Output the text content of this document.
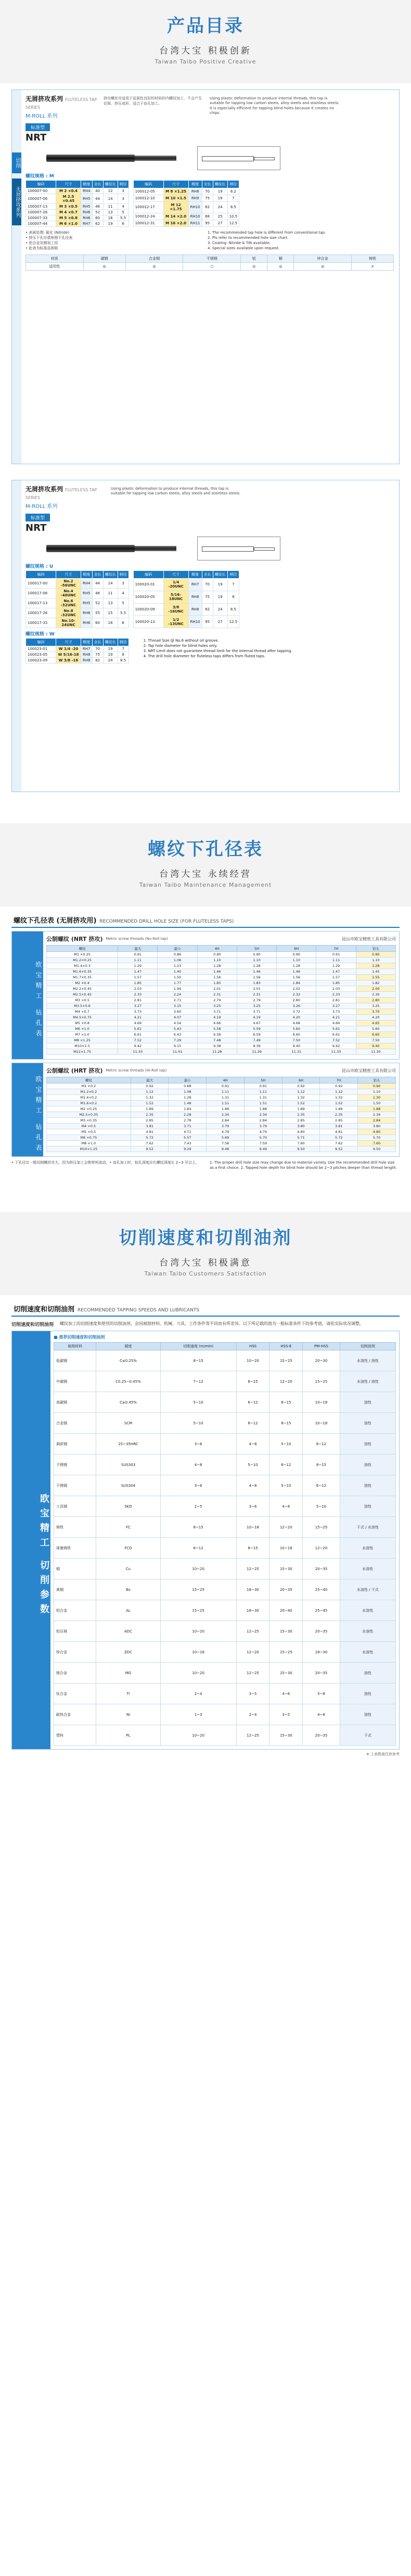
产品目录
台湾大宝 积极创新
Taiwan Taibo Positive Creative
切削
无屑挤攻系列
无屑挤攻系列 FLUTELESS TAP SERIES
M-ROLL 系列
挤攻螺丝攻适用于延展性良好的材料的内螺纹加工，不会产生切屑，挤压成形，适合于盲孔加工。
Using plastic deformation to produce internal threads, this tap is suitable for tapping low carbon steels, alloy steels and stainless steels. It is especially efficient for tapping blind holes because it creates no chips.
标准型
NRT
螺纹规格 : M
编码	尺寸	精度	全长	螺纹长	柄径
100007-00	M 2 ×0.4	RH4	40	12	3
100007-06	M 2.5 ×0.45	RH5	44	14	3
100007-13	M 3 ×0.5	RH5	46	11	4
100007-26	M 4 ×0.7	RH6	52	13	5
100007-33	M 5 ×0.8	RH6	60	16	5.5
100007-44	M 6 ×1.0	RH7	62	19	6
编码	尺寸	精度	全长	螺纹长	柄径
100012-05	M 8 ×1.25	RH8	70	19	6.2
100012-10	M 10 ×1.5	RH9	75	19	7
100012-17	M 12 ×1.75	RH10	82	24	8.5
100012-24	M 14 ×2.0	RH10	88	25	10.5
100012-31	M 16 ×2.0	RH11	95	27	12.5
• 表面处理: 氮化 (Nitride)
• 挤压下孔径请参照下孔径表
• 铝合金及铜加工用
• 此表为标准品规格
1. The recommended tap hole is different from conventional tap.
2. Pls refer to recommended hole size chart.
3. Coating: Nitride & TiN available.
4. Special sizes available upon request.
材质	碳钢	合金钢	不锈钢	铝	铜	锌合金	铸铁
适用性	◎	◎	○	◎	◎	◎	×
无屑挤攻系列 FLUTELESS TAP SERIES
M-ROLL 系列
Using plastic deformation to produce internal threads, this tap is suitable for tapping low carbon steels, alloy steels and stainless steels.
标准型
NRT
螺纹规格 : U
编码	尺寸	精度	全长	螺纹长	柄径
100017-00	No.2 -56UNC	RH4	44	14	3
100017-06	No.4 -40UNC	RH5	46	11	4
100017-13	No.6 -32UNC	RH5	52	13	5
100017-26	No.8 -32UNC	RH6	55	15	5.5
100017-33	No.10-24UNC	RH6	60	16	6
编码	尺寸	精度	全长	螺纹长	柄径
100020-01	1/4 -20UNC	RH7	70	19	7
100020-05	5/16-18UNC	RH8	75	19	8
100020-09	3/8 -16UNC	RH8	82	24	8.5
100020-13	1/2 -13UNC	RH10	95	27	12.5
螺纹规格 : W
编码	尺寸	精度	全长	螺纹长	柄径
100023-01	W 1/4 -20	RH7	70	19	7
100023-05	W 5/16-18	RH8	75	19	8
100023-09	W 3/8 -16	RH8	82	24	8.5
1. Thread Size @ No.6 without oil groove.
2. Tap hole diameter for blind holes only.
3. NRT Limit does not guarantee thread limit for the internal thread after tapping.
4. The drill hole diameter for fluteless taps differs from fluted taps.
螺纹下孔径表
台湾大宝 永续经营
Taiwan Taibo Maintenance Management
螺纹下孔径表 (无屑挤攻用) RECOMMENDED DRILL HOLE SIZE (FOR FLUTELESS TAPS)
欧宝精工 钻孔表
公制螺纹 (NRT 挤攻) Metric screw threads (Nu-Roll tap)	昆山市欧宝精密工具有限公司
螺纹	最大	最小	4H	5H	6H	7H	钻头
M1 ×0.25	0.91	0.86	0.90	0.90	0.90	0.91	0.90
M1.2×0.25	1.11	1.06	1.10	1.10	1.10	1.11	1.10
M1.4×0.3	1.29	1.23	1.28	1.28	1.28	1.29	1.28
M1.6×0.35	1.47	1.40	1.46	1.46	1.46	1.47	1.45
M1.7×0.35	1.57	1.50	1.56	1.56	1.56	1.57	1.55
M2 ×0.4	1.85	1.77	1.83	1.83	1.84	1.85	1.82
M2.2×0.45	2.03	1.94	2.01	2.01	2.02	2.03	2.00
M2.5×0.45	2.33	2.24	2.31	2.31	2.32	2.33	2.30
M3 ×0.5	2.81	2.71	2.79	2.79	2.80	2.81	2.80
M3.5×0.6	3.27	3.15	3.25	3.25	3.26	3.27	3.25
M4 ×0.7	3.73	3.60	3.71	3.71	3.72	3.73	3.70
M4.5×0.75	4.21	4.07	4.19	4.19	4.20	4.21	4.20
M5 ×0.8	4.69	4.54	4.66	4.67	4.68	4.69	4.65
M6 ×1.0	5.61	5.43	5.58	5.59	5.60	5.61	5.60
M7 ×1.0	6.61	6.43	6.58	6.59	6.60	6.61	6.60
M8 ×1.25	7.52	7.29	7.48	7.49	7.50	7.52	7.50
M10×1.5	9.42	9.15	9.38	9.39	9.40	9.42	9.40
M12×1.75	11.33	11.01	11.28	11.29	11.31	11.33	11.30
欧宝精工 钻孔表
公制螺纹 (HRT 挤攻) Metric screw threads (Hi-Roll tap)	昆山市欧宝精密工具有限公司
螺纹	最大	最小	4H	5H	6H	7H	钻头
M1 ×0.2	0.92	0.88	0.91	0.91	0.92	0.92	0.90
M1.2×0.2	1.12	1.08	1.11	1.11	1.12	1.12	1.10
M1.4×0.2	1.32	1.28	1.31	1.31	1.32	1.32	1.30
M1.6×0.2	1.52	1.48	1.51	1.51	1.52	1.52	1.50
M2 ×0.25	1.89	1.84	1.88	1.88	1.89	1.89	1.88
M2.5×0.35	2.35	2.28	2.34	2.34	2.35	2.35	2.34
M3 ×0.35	2.85	2.78	2.84	2.84	2.85	2.85	2.84
M4 ×0.5	3.81	3.71	3.79	3.79	3.80	3.81	3.80
M5 ×0.5	4.81	4.71	4.79	4.79	4.80	4.81	4.80
M6 ×0.75	5.72	5.57	5.69	5.70	5.71	5.72	5.70
M8 ×1.0	7.62	7.43	7.58	7.59	7.60	7.62	7.60
M10×1.25	9.52	9.29	9.48	9.49	9.50	9.52	9.50
• 下孔径比一般切削螺丝攻大，因为挤压加工会使材料流动。• 盲孔加工时，钻孔深度应比螺纹深度长 2~3 牙以上。	1. The proper drill hole size may change due to material variety. Use the recommended drill hole size as a first choice. 2. Tapped hole depth for blind hole should be 2~3 pitches deeper than thread length.
切削速度和切削油剂
台湾大宝 积极满意
Taiwan Taibo Customers Satisfaction
切削速度和切削油剂 RECOMMENDED TAPPING SPEEDS AND LUBRICANTS
切削速度和切削油剂 螺纹加工的切削速度和使用的切削油剂，会因被削材料、机械、刀具、工作条件等不同而有所差异。以下所记载的值为一般标准条件下的参考值，请依实际状况调整。
欧宝精工 切削参数
■ 推荐切削速度和切削油剂
被削材料	硬度	切削速度 (m/min)	HSS	HSS-E	PM-HSS	切削油剂
低碳钢	C≤0.25%	8~15	10~20	15~25	20~30	水溶性 / 油性
中碳钢	C0.25~0.45%	7~12	8~15	12~20	15~25	水溶性 / 油性
高碳钢	C≥0.45%	5~10	6~12	8~15	10~18	油性
合金钢	SCM	5~10	6~12	8~15	10~18	油性
调质钢	25~35HRC	3~6	4~8	5~10	6~12	油性
不锈钢	SUS303	4~8	5~10	6~12	8~15	油性
不锈钢	SUS304	3~6	4~8	5~10	6~12	油性
工具钢	SKD	2~5	3~6	4~8	5~10	油性
铸铁	FC	8~15	10~18	12~20	15~25	干式 / 水溶性
球墨铸铁	FCD	6~12	8~15	10~18	12~20	水溶性
铜	Cu	10~20	12~25	15~30	20~35	水溶性
黄铜	Bs	15~25	18~30	20~35	25~40	水溶性 / 干式
铝合金	AL	15~25	18~30	20~40	25~45	水溶性
铝压铸	ADC	10~20	12~25	15~30	20~35	水溶性
锌合金	ZDC	10~18	12~20	15~25	18~30	水溶性
镁合金	MG	10~20	12~25	15~30	20~35	油性
钛合金	Ti	2~4	3~5	4~6	5~8	油性
耐热合金	Ni	1~3	2~4	3~5	4~6	油性
塑料	PL	10~20	12~25	15~30	20~35	干式
※ 上表数值仅供参考
